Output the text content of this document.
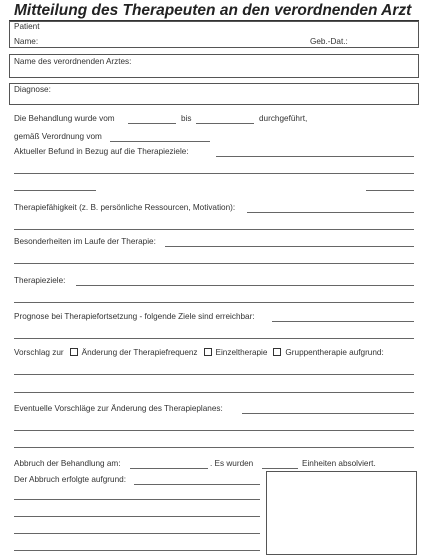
Mitteilung des Therapeuten an den verordnenden Arzt
Patient
Name:	Geb.-Dat.:
Name des verordnenden Arztes:
Diagnose:
Die Behandlung wurde vom	bis	durchgeführt,
gemäß Verordnung vom
Aktueller Befund in Bezug auf die Therapieziele:
Therapiefähigkeit (z. B. persönliche Ressourcen, Motivation):
Besonderheiten im Laufe der Therapie:
Therapieziele:
Prognose bei Therapiefortsetzung - folgende Ziele sind erreichbar:
Vorschlag zur Änderung der Therapiefrequenz Einzeltherapie Gruppentherapie aufgrund:
Eventuelle Vorschläge zur Änderung des Therapieplanes:
Abbruch der Behandlung am:	. Es wurden	Einheiten absolviert.
Der Abbruch erfolgte aufgrund:
